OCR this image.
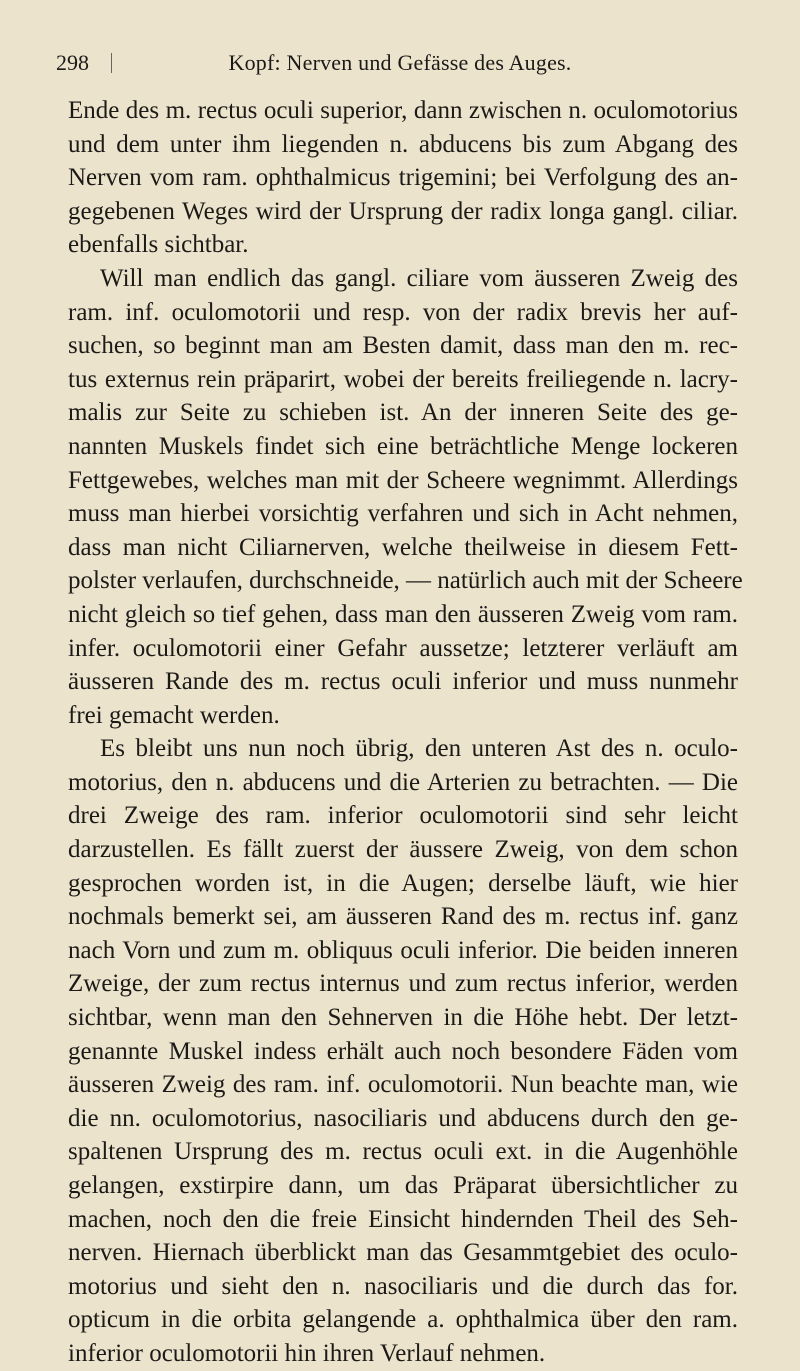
298	Kopf: Nerven und Gefässe des Auges.
Ende des m. rectus oculi superior, dann zwischen n. oculomotorius
und dem unter ihm liegenden n. abducens bis zum Abgang des
Nerven vom ram. ophthalmicus trigemini; bei Verfolgung des an-
gegebenen Weges wird der Ursprung der radix longa gangl. ciliar.
ebenfalls sichtbar.
Will man endlich das gangl. ciliare vom äusseren Zweig des
ram. inf. oculomotorii und resp. von der radix brevis her auf-
suchen, so beginnt man am Besten damit, dass man den m. rec-
tus externus rein präparirt, wobei der bereits freiliegende n. lacry-
malis zur Seite zu schieben ist. An der inneren Seite des ge-
nannten Muskels findet sich eine beträchtliche Menge lockeren
Fettgewebes, welches man mit der Scheere wegnimmt. Allerdings
muss man hierbei vorsichtig verfahren und sich in Acht nehmen,
dass man nicht Ciliarnerven, welche theilweise in diesem Fett-
polster verlaufen, durchschneide, — natürlich auch mit der Scheere
nicht gleich so tief gehen, dass man den äusseren Zweig vom ram.
infer. oculomotorii einer Gefahr aussetze; letzterer verläuft am
äusseren Rande des m. rectus oculi inferior und muss nunmehr
frei gemacht werden.
Es bleibt uns nun noch übrig, den unteren Ast des n. oculo-
motorius, den n. abducens und die Arterien zu betrachten. — Die
drei Zweige des ram. inferior oculomotorii sind sehr leicht
darzustellen. Es fällt zuerst der äussere Zweig, von dem schon
gesprochen worden ist, in die Augen; derselbe läuft, wie hier
nochmals bemerkt sei, am äusseren Rand des m. rectus inf. ganz
nach Vorn und zum m. obliquus oculi inferior. Die beiden inneren
Zweige, der zum rectus internus und zum rectus inferior, werden
sichtbar, wenn man den Sehnerven in die Höhe hebt. Der letzt-
genannte Muskel indess erhält auch noch besondere Fäden vom
äusseren Zweig des ram. inf. oculomotorii. Nun beachte man, wie
die nn. oculomotorius, nasociliaris und abducens durch den ge-
spaltenen Ursprung des m. rectus oculi ext. in die Augenhöhle
gelangen, exstirpire dann, um das Präparat übersichtlicher zu
machen, noch den die freie Einsicht hindernden Theil des Seh-
nerven. Hiernach überblickt man das Gesammtgebiet des oculo-
motorius und sieht den n. nasociliaris und die durch das for.
opticum in die orbita gelangende a. ophthalmica über den ram.
inferior oculomotorii hin ihren Verlauf nehmen.
